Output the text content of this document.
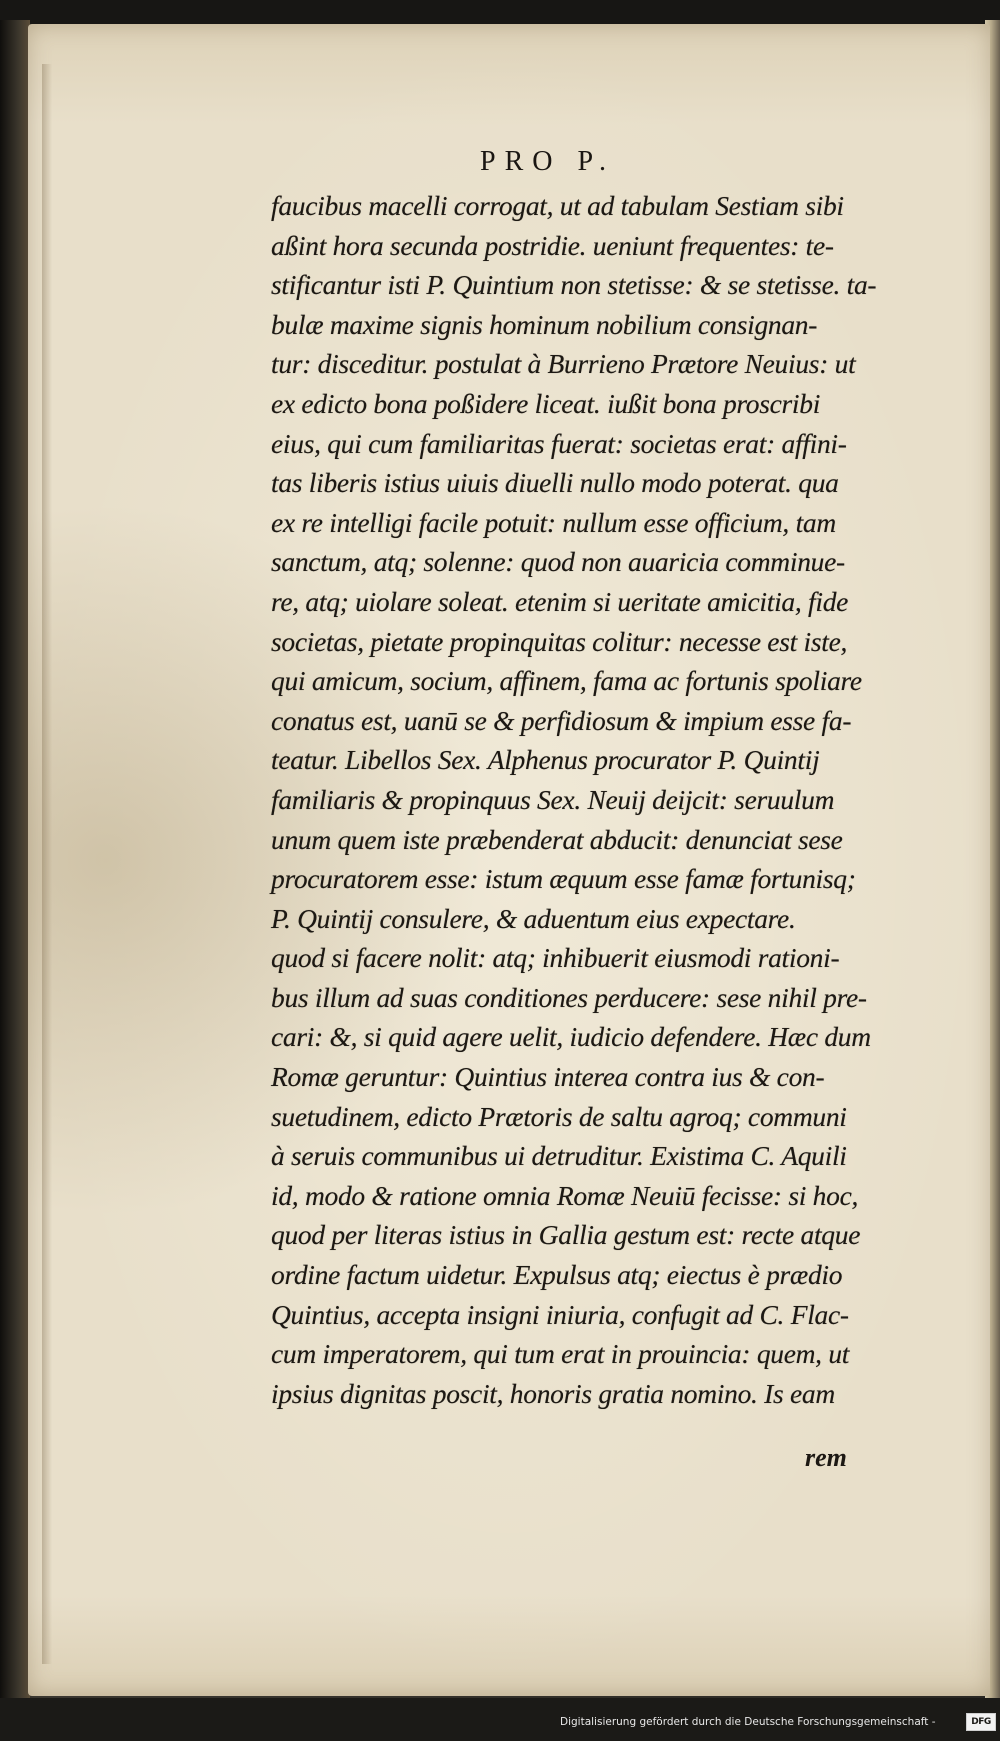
PRO P.
faucibus macelli corrogat, ut ad tabulam Sestiam sibi
aßint hora secunda postridie. ueniunt frequentes: te-
stificantur isti P. Quintium non stetisse: & se stetisse. ta-
bulæ maxime signis hominum nobilium consignan-
tur: disceditur. postulat à Burrieno Prætore Neuius: ut
ex edicto bona poßidere liceat. iußit bona proscribi
eius, qui cum familiaritas fuerat: societas erat: affini-
tas liberis istius uiuis diuelli nullo modo poterat. qua
ex re intelligi facile potuit: nullum esse officium, tam
sanctum, atq; solenne: quod non auaricia comminue-
re, atq; uiolare soleat. etenim si ueritate amicitia, fide
societas, pietate propinquitas colitur: necesse est iste,
qui amicum, socium, affinem, fama ac fortunis spoliare
conatus est, uanū se & perfidiosum & impium esse fa-
teatur. Libellos Sex. Alphenus procurator P. Quintij
familiaris & propinquus Sex. Neuij deijcit: seruulum
unum quem iste præbenderat abducit: denunciat sese
procuratorem esse: istum æquum esse famæ fortunisq;
P. Quintij consulere, & aduentum eius expectare.
quod si facere nolit: atq; inhibuerit eiusmodi rationi-
bus illum ad suas conditiones perducere: sese nihil pre-
cari: &, si quid agere uelit, iudicio defendere. Hæc dum
Romæ geruntur: Quintius interea contra ius & con-
suetudinem, edicto Prætoris de saltu agroq; communi
à seruis communibus ui detruditur. Existima C. Aquili
id, modo & ratione omnia Romæ Neuiū fecisse: si hoc,
quod per literas istius in Gallia gestum est: recte atque
ordine factum uidetur. Expulsus atq; eiectus è prædio
Quintius, accepta insigni iniuria, confugit ad C. Flac-
cum imperatorem, qui tum erat in prouincia: quem, ut
ipsius dignitas poscit, honoris gratia nomino. Is eam

rem

Digitalisierung gefördert durch die Deutsche Forschungsgemeinschaft -	DFG
